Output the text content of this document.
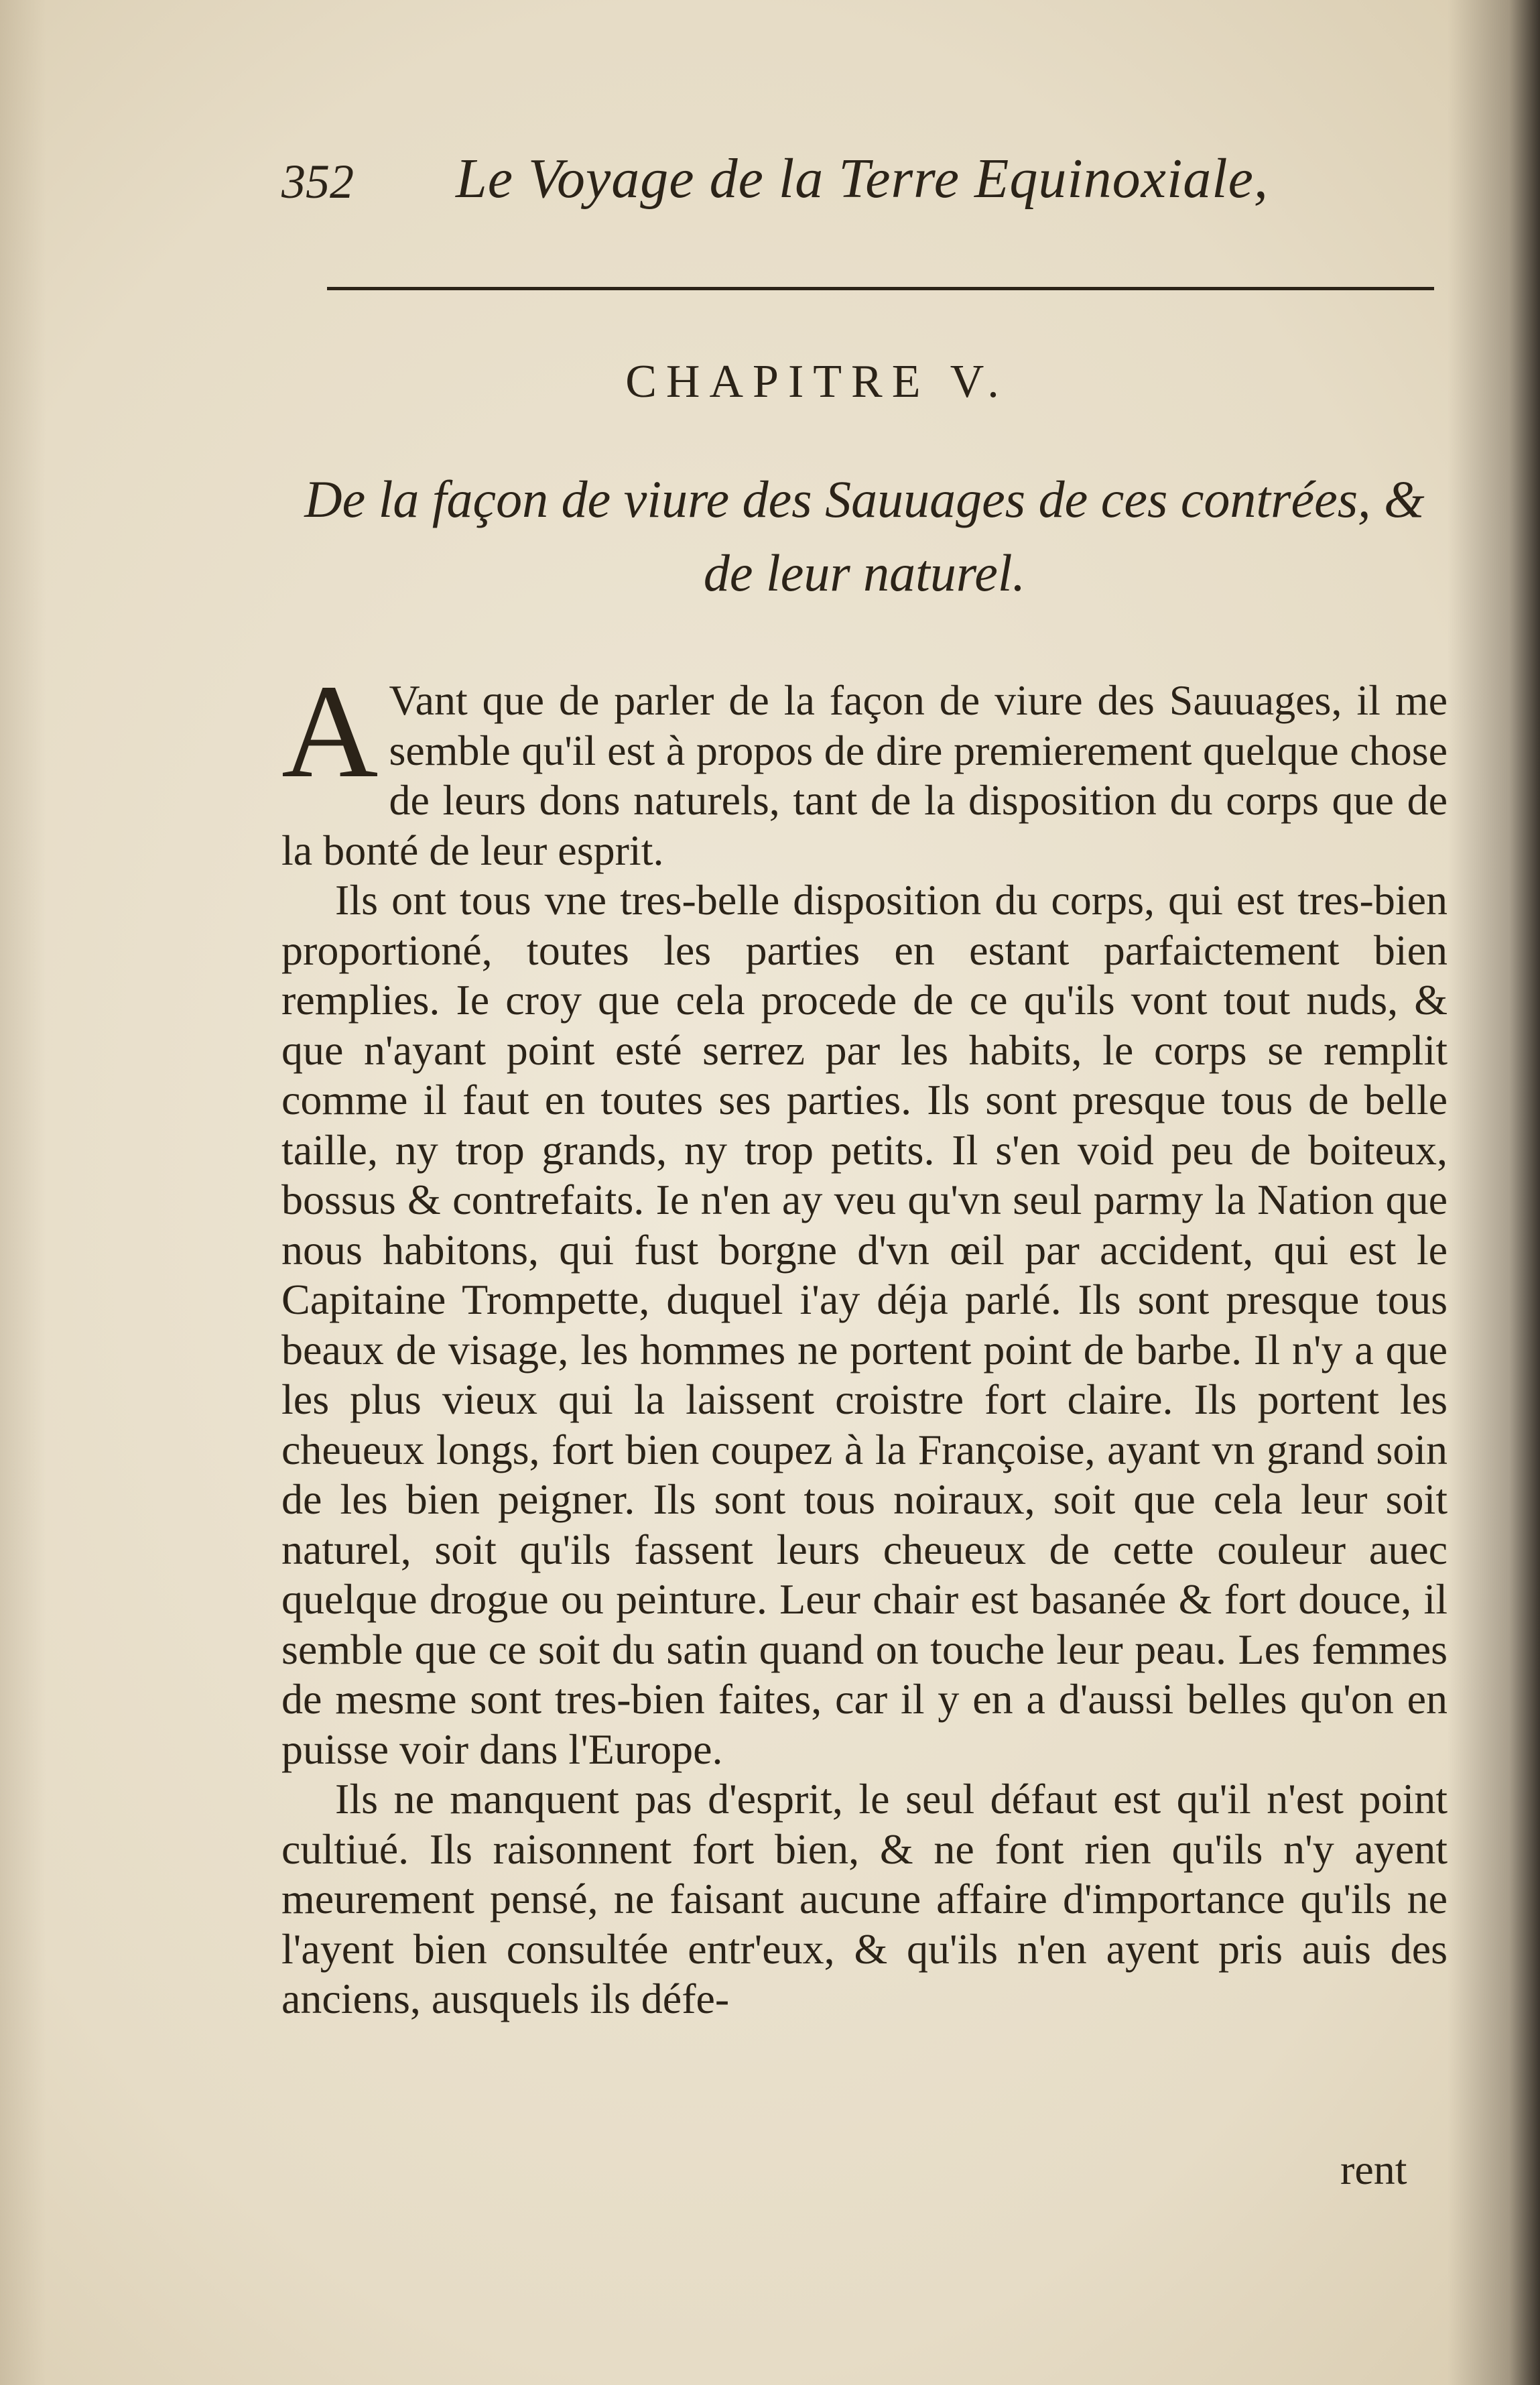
352 Le Voyage de la Terre Equinoxiale,
CHAPITRE V.
De la façon de viure des Sauuages de ces contrées, & de leur naturel.

A Vant que de parler de la façon de viure des Sauuages, il me semble qu'il est à propos de dire premierement quelque chose de leurs dons naturels, tant de la disposition du corps que de la bonté de leur esprit.

Ils ont tous vne tres-belle disposition du corps, qui est tres-bien proportioné, toutes les parties en estant parfaictement bien remplies. Ie croy que cela procede de ce qu'ils vont tout nuds, & que n'ayant point esté serrez par les habits, le corps se remplit comme il faut en toutes ses parties. Ils sont presque tous de belle taille, ny trop grands, ny trop petits. Il s'en void peu de boiteux, bossus & contrefaits. Ie n'en ay veu qu'vn seul parmy la Nation que nous habitons, qui fust borgne d'vn œil par accident, qui est le Capitaine Trompette, duquel i'ay déja parlé. Ils sont presque tous beaux de visage, les hommes ne portent point de barbe. Il n'y a que les plus vieux qui la laissent croistre fort claire. Ils portent les cheueux longs, fort bien coupez à la Françoise, ayant vn grand soin de les bien peigner. Ils sont tous noiraux, soit que cela leur soit naturel, soit qu'ils fassent leurs cheueux de cette couleur auec quelque drogue ou peinture. Leur chair est basanée & fort douce, il semble que ce soit du satin quand on touche leur peau. Les femmes de mesme sont tres-bien faites, car il y en a d'aussi belles qu'on en puisse voir dans l'Europe.

Ils ne manquent pas d'esprit, le seul défaut est qu'il n'est point cultiué. Ils raisonnent fort bien, & ne font rien qu'ils n'y ayent meurement pensé, ne faisant aucune affaire d'importance qu'ils ne l'ayent bien consultée entr'eux, & qu'ils n'en ayent pris auis des anciens, ausquels ils défe-

rent
